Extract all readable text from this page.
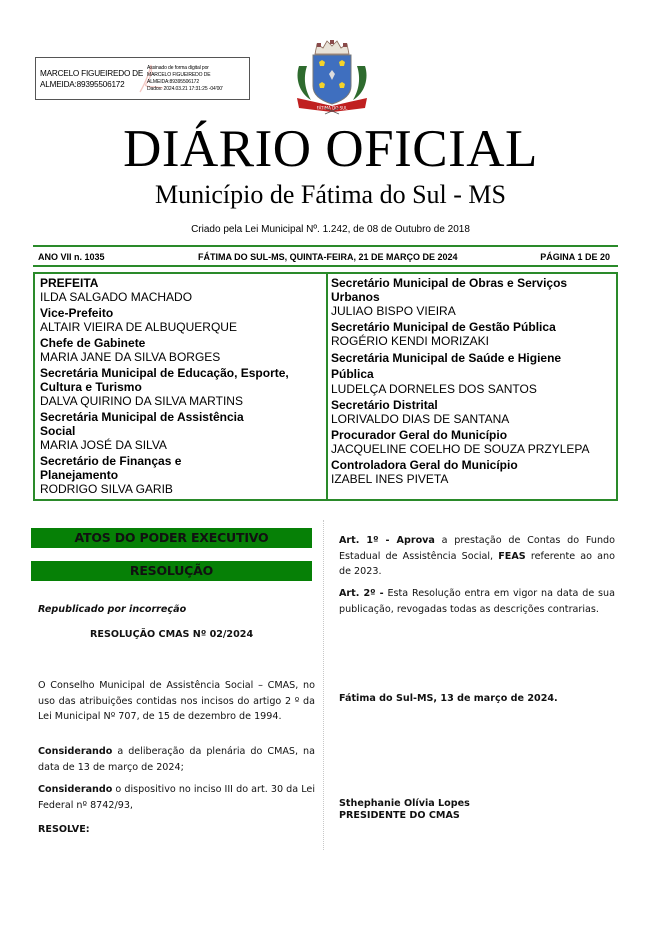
MARCELO FIGUEIREDO DE ALMEIDA:89395506172
Assinado de forma digital por
MARCELO FIGUEIREDO DE
ALMEIDA:89395506172
Dados: 2024.03.21 17:31:25 -04'00'
FÁTIMA DO SUL
DIÁRIO OFICIAL
Município de Fátima do Sul - MS
Criado pela Lei Municipal Nº. 1.242, de 08 de Outubro de 2018
ANO VII n. 1035	FÁTIMA DO SUL-MS, QUINTA-FEIRA, 21 DE MARÇO DE 2024	PÁGINA 1 DE 20
PREFEITA
ILDA SALGADO MACHADO
Vice-Prefeito
ALTAIR VIEIRA DE ALBUQUERQUE
Chefe de Gabinete
MARIA JANE DA SILVA BORGES
Secretária Municipal de Educação, Esporte, Cultura e Turismo
DALVA QUIRINO DA SILVA MARTINS
Secretária Municipal de Assistência Social
MARIA JOSÉ DA SILVA
Secretário de Finanças e Planejamento
RODRIGO SILVA GARIB
Secretário Municipal de Obras e Serviços Urbanos
JULIAO BISPO VIEIRA
Secretário Municipal de Gestão Pública
ROGÉRIO KENDI MORIZAKI
Secretária Municipal de Saúde e Higiene Pública
LUDELÇA DORNELES DOS SANTOS
Secretário Distrital
LORIVALDO DIAS DE SANTANA
Procurador Geral do Município
JACQUELINE COELHO DE SOUZA PRZYLEPA
Controladora Geral do Município
IZABEL INES PIVETA
ATOS DO PODER EXECUTIVO
RESOLUÇÃO
Republicado por incorreção
RESOLUÇÃO CMAS Nº 02/2024
O Conselho Municipal de Assistência Social – CMAS, no uso das atribuições contidas nos incisos do artigo 2 º da Lei Municipal Nº 707, de 15 de dezembro de 1994.
Considerando a deliberação da plenária do CMAS, na data de 13 de março de 2024;
Considerando o dispositivo no inciso III do art. 30 da Lei Federal nº 8742/93,
RESOLVE:
Art. 1º - Aprova a prestação de Contas do Fundo Estadual de Assistência Social, FEAS referente ao ano de 2023.
Art. 2º - Esta Resolução entra em vigor na data de sua publicação, revogadas todas as descrições contrarias.
Fátima do Sul-MS, 13 de março de 2024.
Sthephanie Olívia Lopes
PRESIDENTE DO CMAS
